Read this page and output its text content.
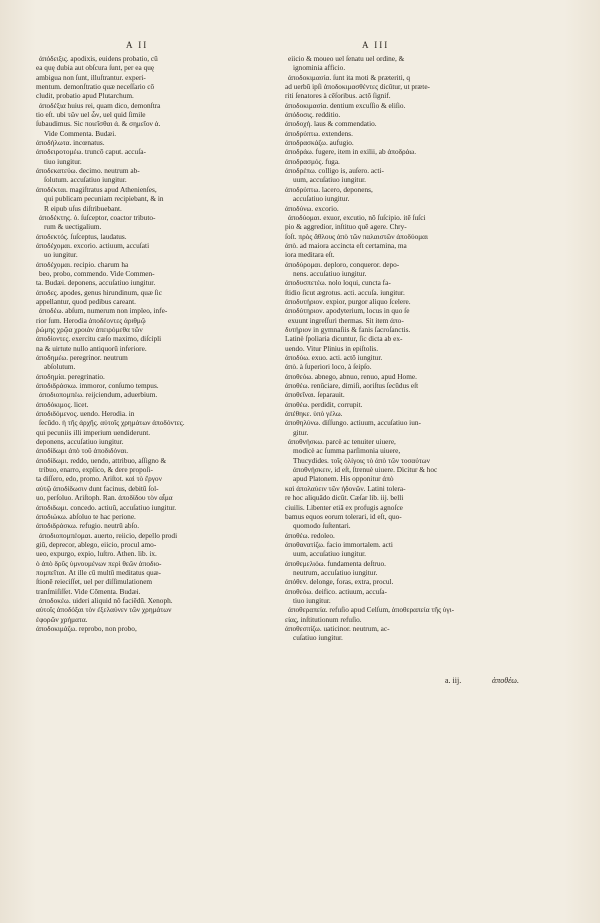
A II	A III
✱ ἀπόδειξις. apodixis, euidens probatio, cū
ea quę dubia aut obſcura ſunt, per ea quę
ambigua non ſunt, illuſtrantur. experi-
mentum. demonſtratio quæ neceſſario cō
cludit, probatio apud Plutarchum.
✱ ἀποδέξια huius rei, quam dico, demonſtra
tio eſt. ubi τῶν uel ὧν, uel quid ſimile
ſubaudimus. Sic ποιεῖσθαι ἀ. & σημεῖον ἀ.
Vide Commenta. Budæi.
ἀποδήλωτα. incœnatus.
ἀποδειροτομέω. truncō caput. accuſa-
tiuo iungitur.
ἀποδεκατεύω. decimo. neutrum ab-
ſolutum. accuſatiuo iungitur.
ἀποδέκται. magiſtratus apud Athenienſes,
qui publicam pecuniam recipiebant, & in
R eipub uſus diſtribuebant.
✱ ἀποδέκτης. ὁ. ſuſceptor, coactor tributo-
rum & uectigalium.
ἀποδεκτός. ſuſceptus, laudatus.
ἀποδέχομαι. excorio. actiuum, accuſati
uo iungitur.
ἀποδέχομαι. recipio. charum ha
✱ beo, probo, commendo. Vide Commen-
ta. Budæi. deponens, accuſatiuo iungitur.
ἀποδες. apodes, genus hirundinum, quæ ſic
appellantur, quod pedibus careant.
✱ ἀποδέω. abſum, numerum non impleo, infe-
rior ſum. Herodia ἀποδέοντες ἀριθμῷ
ῥώμης χρῷα χροιὰν ἀπειρόμεθα τῶν
ἀποδίοντες. exercitu cæſo maximo, diſcipli
na & uirtute nullo antiquorū inferiore.
ἀποδημέω. peregrinor. neutrum
abſolutum.
ἀποδημία. peregrinatio.
ἀποδιδράσκω. immoror, conſumo tempus.
✱ ἀποδιοπομπέω. reijciendum, aduerbium.
ἀποδόκιμος. licet.
ἀποδιδόμενος. uendo. Herodia. in
✱ ſecūdo. ἡ τῆς ἀρχῆς. αὐτοῖς χρημάτων ἀποδόντες.
qui pecuniis illi imperium uendiderunt.
deponens, accuſatiuo iungitur.
ἀποδίδωμι ἀπὸ τοῦ ἀποδιδόναι.
ἀποδίδωμι. reddo, uendo, attribuo, aſſigno &
✱ tribuo, enarro, explico, & dere propoſi-
ta diſſero, edo, promo. Ariſtot. καὶ τὸ ἔργον
αὐτῷ ἀποδίδωσιν dunt facinus, debitū ſol-
uo, perſoluo. Ariſtoph. Ran. ἀποδίδου τὸν αἷμα
ἀποδιδωμι. concedo. actiuū, accuſatiuo iungitur.
ἀποδιώκω. abſoluo te hac perione.
ἀποδιδράσκω. refugio. neutrū abſo.
✱ ἀποδιοπομπέομαι. auerto, reiicio, depello prodi
giū, deprecor, ablego, eiicio, procul amo-
ueo, expurgo, expio, luſtro. Athen. lib. ix.
ὁ ἀπὸ δρῦς ὑμνουμένων περὶ θεῶν ἀποδιο-
πομπεῖται. At ille cū multū meditatus quæ-
ſtionē reieciſſet, uel per diſſimulationem
tranſmiſiſſet. Vide Cōmenta. Budæi.
✱ ἀποδοκέω. uideri aliquid nō faciēdū. Xenoph.
αὐτοῖς ἀποδόξαι τὸν ἐξελαύνεν τῶν χρημάτων
ἐφορῶν χρήματα.
ἀποδοκιμάζω. reprobo, non probo,
✱ eiicio & moueo uel ſenatu uel ordine, &
ignominia afficio.
✱ ἀποδοκιμασία. ſunt ita moti & præteriti, q
ad uerbū ipſi ἀποδοκιμασθέντες dicūtur, ut præte-
riti ſenatores à cēſoribus. actō ſignif.
ἀποδοκιμασία. dentium excuſſio & eliſio.
ἀπόδοσις. redditio.
ἀποδοχή. laus & commendatio.
ἀποδρύπτω. extendens.
ἀποδρασκάζω. aufugio.
ἀποδράω. fugere, item in exilii, ab ἀποδράω.
ἀποδρασμός. fuga.
ἀποδρέπω. colligo is, auſero. acti-
uum, accuſatiuo iungitur.
ἀποδρύπτω. lacero, deponens,
accuſatiuo iungitur.
ἀποδύνω. excorio.
✱ ἀποδύομαι. exuor, excutio, nō ſuſcipio. itē ſuſci
pio & aggredior, inſtituo quē agere. Chry-
ſoſt. πρὸς ἄθλους ἀπὸ τῶν παλαιστῶν ἀποδύομαι
ἀπὸ. ad maiora accincta eſt certamina, ma
iora meditara eſt.
ἀποδύρομαι. deploro, conqueror. depo-
nens. accuſatiuo iungitur.
ἀποδυσπετέω. nolo loqui, cuncta fa-
ſtidio ſicut ægrotus. acti. accuſa. iungitur.
ἀποδυτήριον. expior, purgor aliquo ſcelere.
ἀποδύτηριον. apodyterium, locus in quo ſe
✱ exuunt ingreſſuri thermas. Sit item ἀπο-
δυτήριον in gymnaſiis & fanis ſacroſanctis.
Latinè ſpoliaria dicuntur, ſic dicta ab ex-
uendo. Vitur Plinius in epiſtolis.
ἀποδύω. exuo. acti. actō iungitur.
ἀπὸ. à ſuperiori loco, à ſeipſo.
ἀποθεόω. abnego, abnuo, renuo, apud Home.
ἀποθέω. renūciare, dimiſi, aoriſtus ſecūdus eſt
ἀποθεῖναι. ſeparauit.
ἀποθέω. perdidit, corrupit.
ἀπέθηκε. ὑπὸ γέλω.
ἀποθηλύνω. diſſungo. actiuum, accuſatiuo iun-
gitur.
✱ ἀποθνήσκω. parcè ac tenuiter uiuere,
modicè ac ſumma parſimonia uiuere,
Thucydides. τοῖς ὀλίγοις τὸ ἀπὸ τῶν τοσαύτων
ἀποθνήσκειν, id eſt, ſtrenuè uiuere. Dicitur & hoc
apud Platonem. His opponitur ἀπὸ
καὶ ἀπολαύειν τῶν ἡδονῶν. Latini tolera-
re hoc aliquādo dicūt. Cæſar lib. iij. belli
ciuilis. Libenter etiā ex profugis agnoſce
bamus equos eorum tolerari, id eſt, quo-
quomodo ſuſtentari.
ἀποθέω. redoleo.
ἀποθανατίζω. facio immortalem. acti
uum, accuſatiuo iungitur.
ἀποθεμελιόω. fundamenta deſtruo.
neutrum, accuſatiuo iungitur.
ἀπόθεν. delonge, foras, extra, procul.
ἀποθεόω. deifico. actiuum, accuſa-
tiuo iungitur.
✱ ἀποθεραπεία. refuſio apud Celſum, ἀποθεραπεία τῆς ὑγι-
είας, inſtitutionum refuſio.
ἀποθεσπίζω. uaticinor. neutrum, ac-
cuſatiuo iungitur.
a. iij.	ἀποθέω.
